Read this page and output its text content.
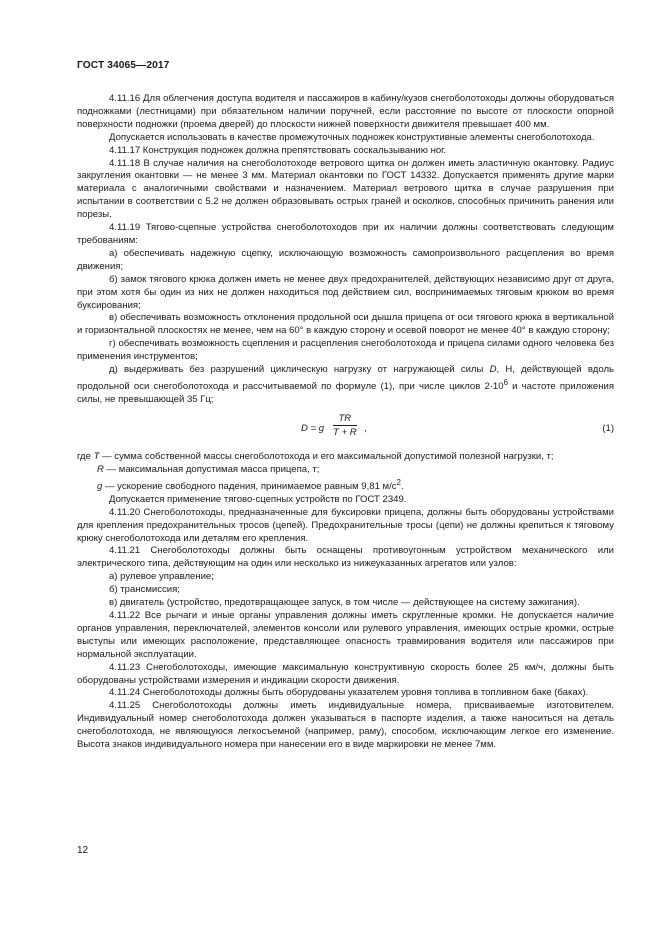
ГОСТ 34065—2017

4.11.16 Для облегчения доступа водителя и пассажиров в кабину/кузов снегоболотоходы должны оборудоваться подножками (лестницами) при обязательном наличии поручней, если расстояние по высоте от плоскости опорной поверхности подножки (проема дверей) до плоскости нижней поверхности движителя превышает 400 мм.

Допускается использовать в качестве промежуточных подножек конструктивные элементы снегоболотохода.

4.11.17 Конструкция подножек должна препятствовать соскальзыванию ног.

4.11.18 В случае наличия на снегоболотоходе ветрового щитка он должен иметь эластичную окантовку. Радиус закругления окантовки — не менее 3 мм. Материал окантовки по ГОСТ 14332. Допускается применять другие марки материала с аналогичными свойствами и назначением. Материал ветрового щитка в случае разрушения при испытании в соответствии с 5.2 не должен образовывать острых граней и осколков, способных причинить ранения или порезы.

4.11.19 Тягово-сцепные устройства снегоболотоходов при их наличии должны соответствовать следующим требованиям:

а) обеспечивать надежную сцепку, исключающую возможность самопроизвольного расцепления во время движения;

б) замок тягового крюка должен иметь не менее двух предохранителей, действующих независимо друг от друга, при этом хотя бы один из них не должен находиться под действием сил, воспринимаемых тяговым крюком во время буксирования;

в) обеспечивать возможность отклонения продольной оси дышла прицепа от оси тягового крюка в вертикальной и горизонтальной плоскостях не менее, чем на 60° в каждую сторону и осевой поворот не менее 40° в каждую сторону;

г) обеспечивать возможность сцепления и расцепления снегоболотохода и прицепа силами одного человека без применения инструментов;

д) выдерживать без разрушений циклическую нагрузку от нагружающей силы D, Н, действующей вдоль продольной оси снегоболотохода и рассчитываемой по формуле (1), при числе циклов $2\cdot 10^6$ и частоте приложения силы, не превышающей 35 Гц;

D = g $\frac{TR}{T + R}$ ,	(1)

где T — сумма собственной массы снегоболотохода и его максимальной допустимой полезной нагрузки, т;

R — максимальная допустимая масса прицепа, т;

g — ускорение свободного падения, принимаемое равным 9,81 $м/с^2$.

Допускается применение тягово-сцепных устройств по ГОСТ 2349.

4.11.20 Снегоболотоходы, предназначенные для буксировки прицепа, должны быть оборудованы устройствами для крепления предохранительных тросов (цепей). Предохранительные тросы (цепи) не должны крепиться к тяговому крюку снегоболотохода или деталям его крепления.

4.11.21 Снегоболотоходы должны быть оснащены противоугонным устройством механического или электрического типа, действующим на один или несколько из нижеуказанных агрегатов или узлов:

а) рулевое управление;

б) трансмиссия;

в) двигатель (устройство, предотвращающее запуск, в том числе — действующее на систему зажигания).

4.11.22 Все рычаги и иные органы управления должны иметь скругленные кромки. Не допускается наличие органов управления, переключателей, элементов консоли или рулевого управления, имеющих острые кромки, острые выступы или имеющих расположение, представляющее опасность травмирования водителя или пассажиров при нормальной эксплуатации.

4.11.23 Снегоболотоходы, имеющие максимальную конструктивную скорость более 25 км/ч, должны быть оборудованы устройствами измерения и индикации скорости движения.

4.11.24 Снегоболотоходы должны быть оборудованы указателем уровня топлива в топливном баке (баках).

4.11.25 Снегоболотоходы должны иметь индивидуальные номера, присваиваемые изготовителем. Индивидуальный номер снегоболотохода должен указываться в паспорте изделия, а также наноситься на деталь снегоболотохода, не являющуюся легкосъемной (например, раму), способом, исключающим легкое его изменение. Высота знаков индивидуального номера при нанесении его в виде маркировки не менее 7мм.

12
